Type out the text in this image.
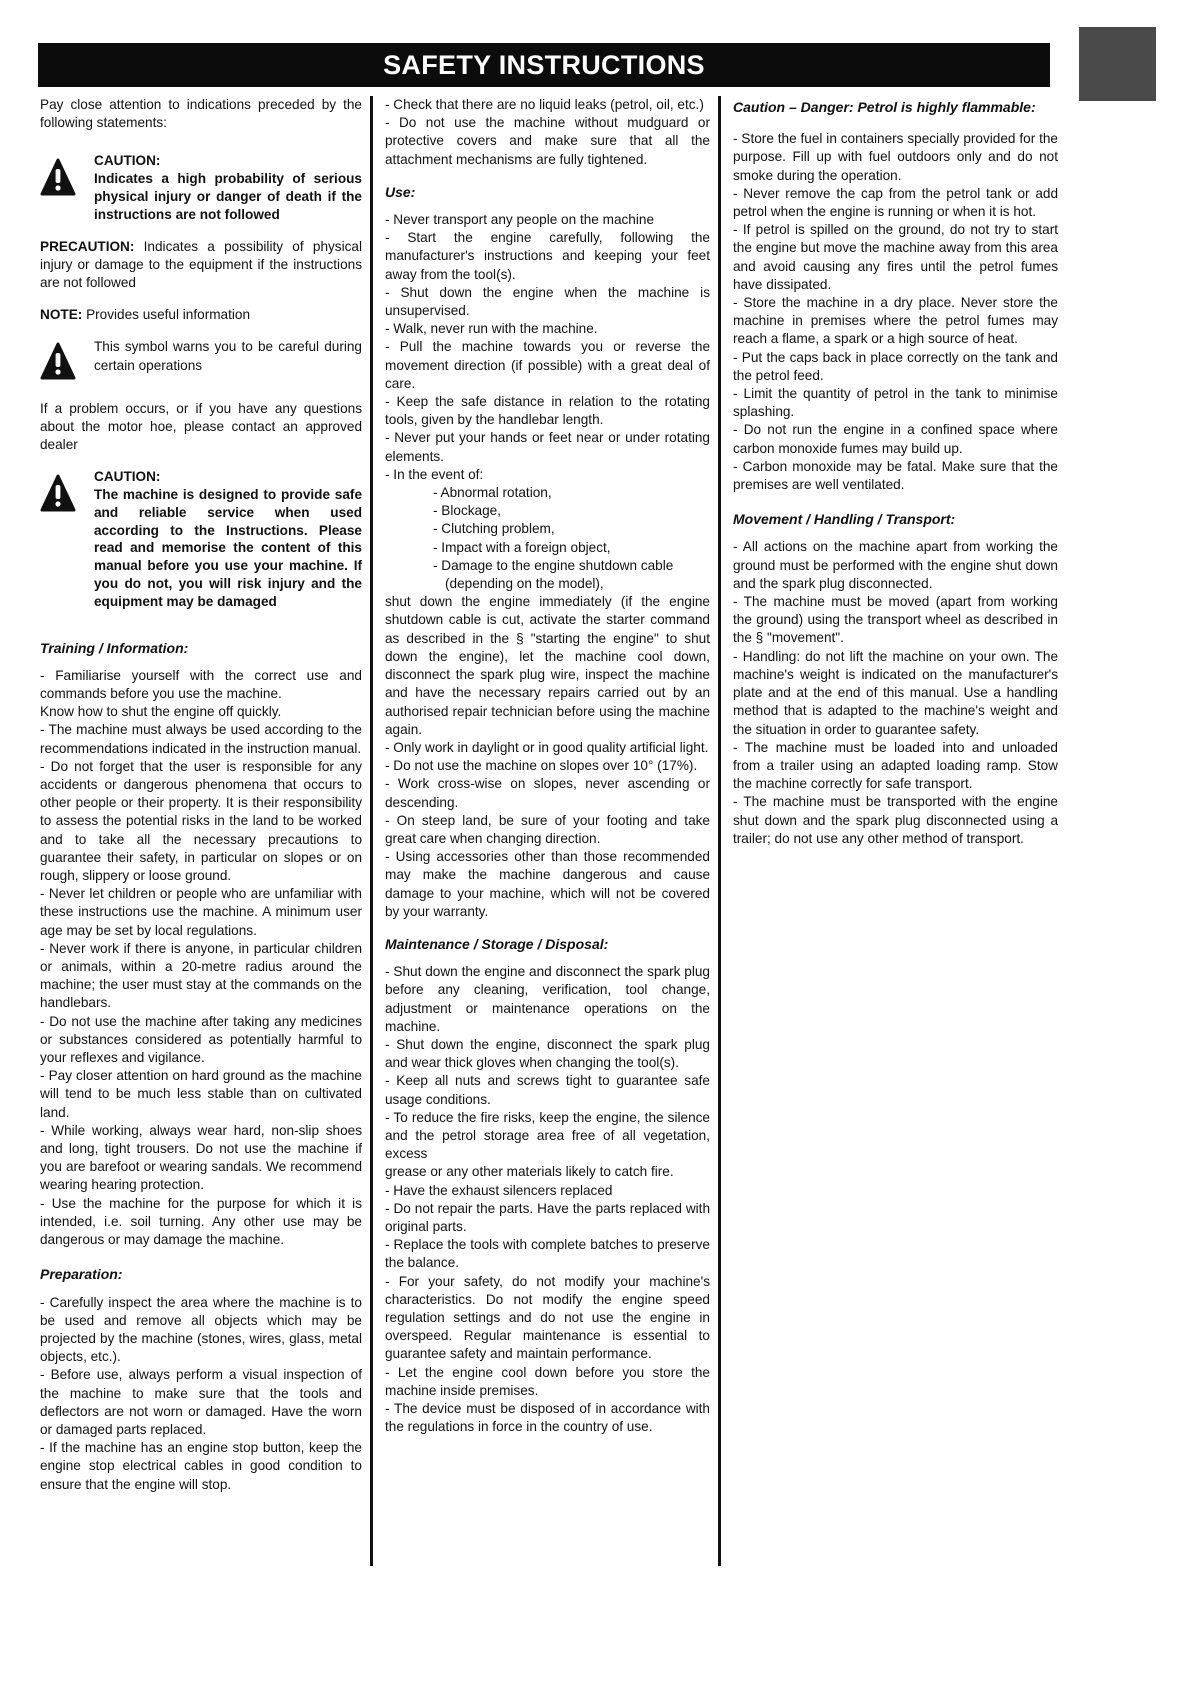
SAFETY INSTRUCTIONS

Pay close attention to indications preceded by the following statements:

CAUTION:
Indicates a high probability of serious physical injury or danger of death if the instructions are not followed

PRECAUTION: Indicates a possibility of physical injury or damage to the equipment if the instructions are not followed

NOTE: Provides useful information

This symbol warns you to be careful during certain operations

If a problem occurs, or if you have any questions about the motor hoe, please contact an approved dealer

CAUTION:
The machine is designed to provide safe and reliable service when used according to the Instructions. Please read and memorise the content of this manual before you use your machine. If you do not, you will risk injury and the equipment may be damaged
Training / Information:

- Familiarise yourself with the correct use and commands before you use the machine.

Know how to shut the engine off quickly.

- The machine must always be used according to the recommendations indicated in the instruction manual.

- Do not forget that the user is responsible for any accidents or dangerous phenomena that occurs to other people or their property. It is their responsibility to assess the potential risks in the land to be worked and to take all the necessary precautions to guarantee their safety, in particular on slopes or on rough, slippery or loose ground.

- Never let children or people who are unfamiliar with these instructions use the machine. A minimum user age may be set by local regulations.

- Never work if there is anyone, in particular children or animals, within a 20-metre radius around the machine; the user must stay at the commands on the handlebars.

- Do not use the machine after taking any medicines or substances considered as potentially harmful to your reflexes and vigilance.

- Pay closer attention on hard ground as the machine will tend to be much less stable than on cultivated land.

- While working, always wear hard, non-slip shoes and long, tight trousers. Do not use the machine if you are barefoot or wearing sandals. We recommend wearing hearing protection.

- Use the machine for the purpose for which it is intended, i.e. soil turning. Any other use may be dangerous or may damage the machine.

Preparation:

- Carefully inspect the area where the machine is to be used and remove all objects which may be projected by the machine (stones, wires, glass, metal objects, etc.).

- Before use, always perform a visual inspection of the machine to make sure that the tools and deflectors are not worn or damaged. Have the worn or damaged parts replaced.

- If the machine has an engine stop button, keep the engine stop electrical cables in good condition to ensure that the engine will stop.

- Check that there are no liquid leaks (petrol, oil, etc.)

- Do not use the machine without mudguard or protective covers and make sure that all the attachment mechanisms are fully tightened.

Use:

- Never transport any people on the machine

- Start the engine carefully, following the manufacturer's instructions and keeping your feet away from the tool(s).

- Shut down the engine when the machine is unsupervised.

- Walk, never run with the machine.

- Pull the machine towards you or reverse the movement direction (if possible) with a great deal of care.

- Keep the safe distance in relation to the rotating tools, given by the handlebar length.

- Never put your hands or feet near or under rotating elements.

- In the event of:

- Abnormal rotation,

- Blockage,

- Clutching problem,

- Impact with a foreign object,

- Damage to the engine shutdown cable

(depending on the model),

shut down the engine immediately (if the engine shutdown cable is cut, activate the starter command as described in the § "starting the engine" to shut down the engine), let the machine cool down, disconnect the spark plug wire, inspect the machine and have the necessary repairs carried out by an authorised repair technician before using the machine again.

- Only work in daylight or in good quality artificial light.

- Do not use the machine on slopes over 10° (17%).

- Work cross-wise on slopes, never ascending or descending.

- On steep land, be sure of your footing and take great care when changing direction.

- Using accessories other than those recommended may make the machine dangerous and cause damage to your machine, which will not be covered by your warranty.

Maintenance / Storage / Disposal:

- Shut down the engine and disconnect the spark plug before any cleaning, verification, tool change, adjustment or maintenance operations on the machine.

- Shut down the engine, disconnect the spark plug and wear thick gloves when changing the tool(s).

- Keep all nuts and screws tight to guarantee safe usage conditions.

- To reduce the fire risks, keep the engine, the silence and the petrol storage area free of all vegetation, excess

grease or any other materials likely to catch fire.

- Have the exhaust silencers replaced

- Do not repair the parts. Have the parts replaced with original parts.

- Replace the tools with complete batches to preserve the balance.

- For your safety, do not modify your machine's characteristics. Do not modify the engine speed regulation settings and do not use the engine in overspeed. Regular maintenance is essential to guarantee safety and maintain performance.

- Let the engine cool down before you store the machine inside premises.

- The device must be disposed of in accordance with the regulations in force in the country of use.

Caution – Danger: Petrol is highly flammable:

- Store the fuel in containers specially provided for the purpose. Fill up with fuel outdoors only and do not smoke during the operation.

- Never remove the cap from the petrol tank or add petrol when the engine is running or when it is hot.

- If petrol is spilled on the ground, do not try to start the engine but move the machine away from this area and avoid causing any fires until the petrol fumes have dissipated.

- Store the machine in a dry place. Never store the machine in premises where the petrol fumes may reach a flame, a spark or a high source of heat.

- Put the caps back in place correctly on the tank and the petrol feed.

- Limit the quantity of petrol in the tank to minimise splashing.

- Do not run the engine in a confined space where carbon monoxide fumes may build up.

- Carbon monoxide may be fatal. Make sure that the premises are well ventilated.

Movement / Handling / Transport:

- All actions on the machine apart from working the ground must be performed with the engine shut down and the spark plug disconnected.

- The machine must be moved (apart from working the ground) using the transport wheel as described in the § "movement".

- Handling: do not lift the machine on your own. The machine's weight is indicated on the manufacturer's plate and at the end of this manual. Use a handling method that is adapted to the machine's weight and the situation in order to guarantee safety.

- The machine must be loaded into and unloaded from a trailer using an adapted loading ramp. Stow the machine correctly for safe transport.

- The machine must be transported with the engine shut down and the spark plug disconnected using a trailer; do not use any other method of transport.
